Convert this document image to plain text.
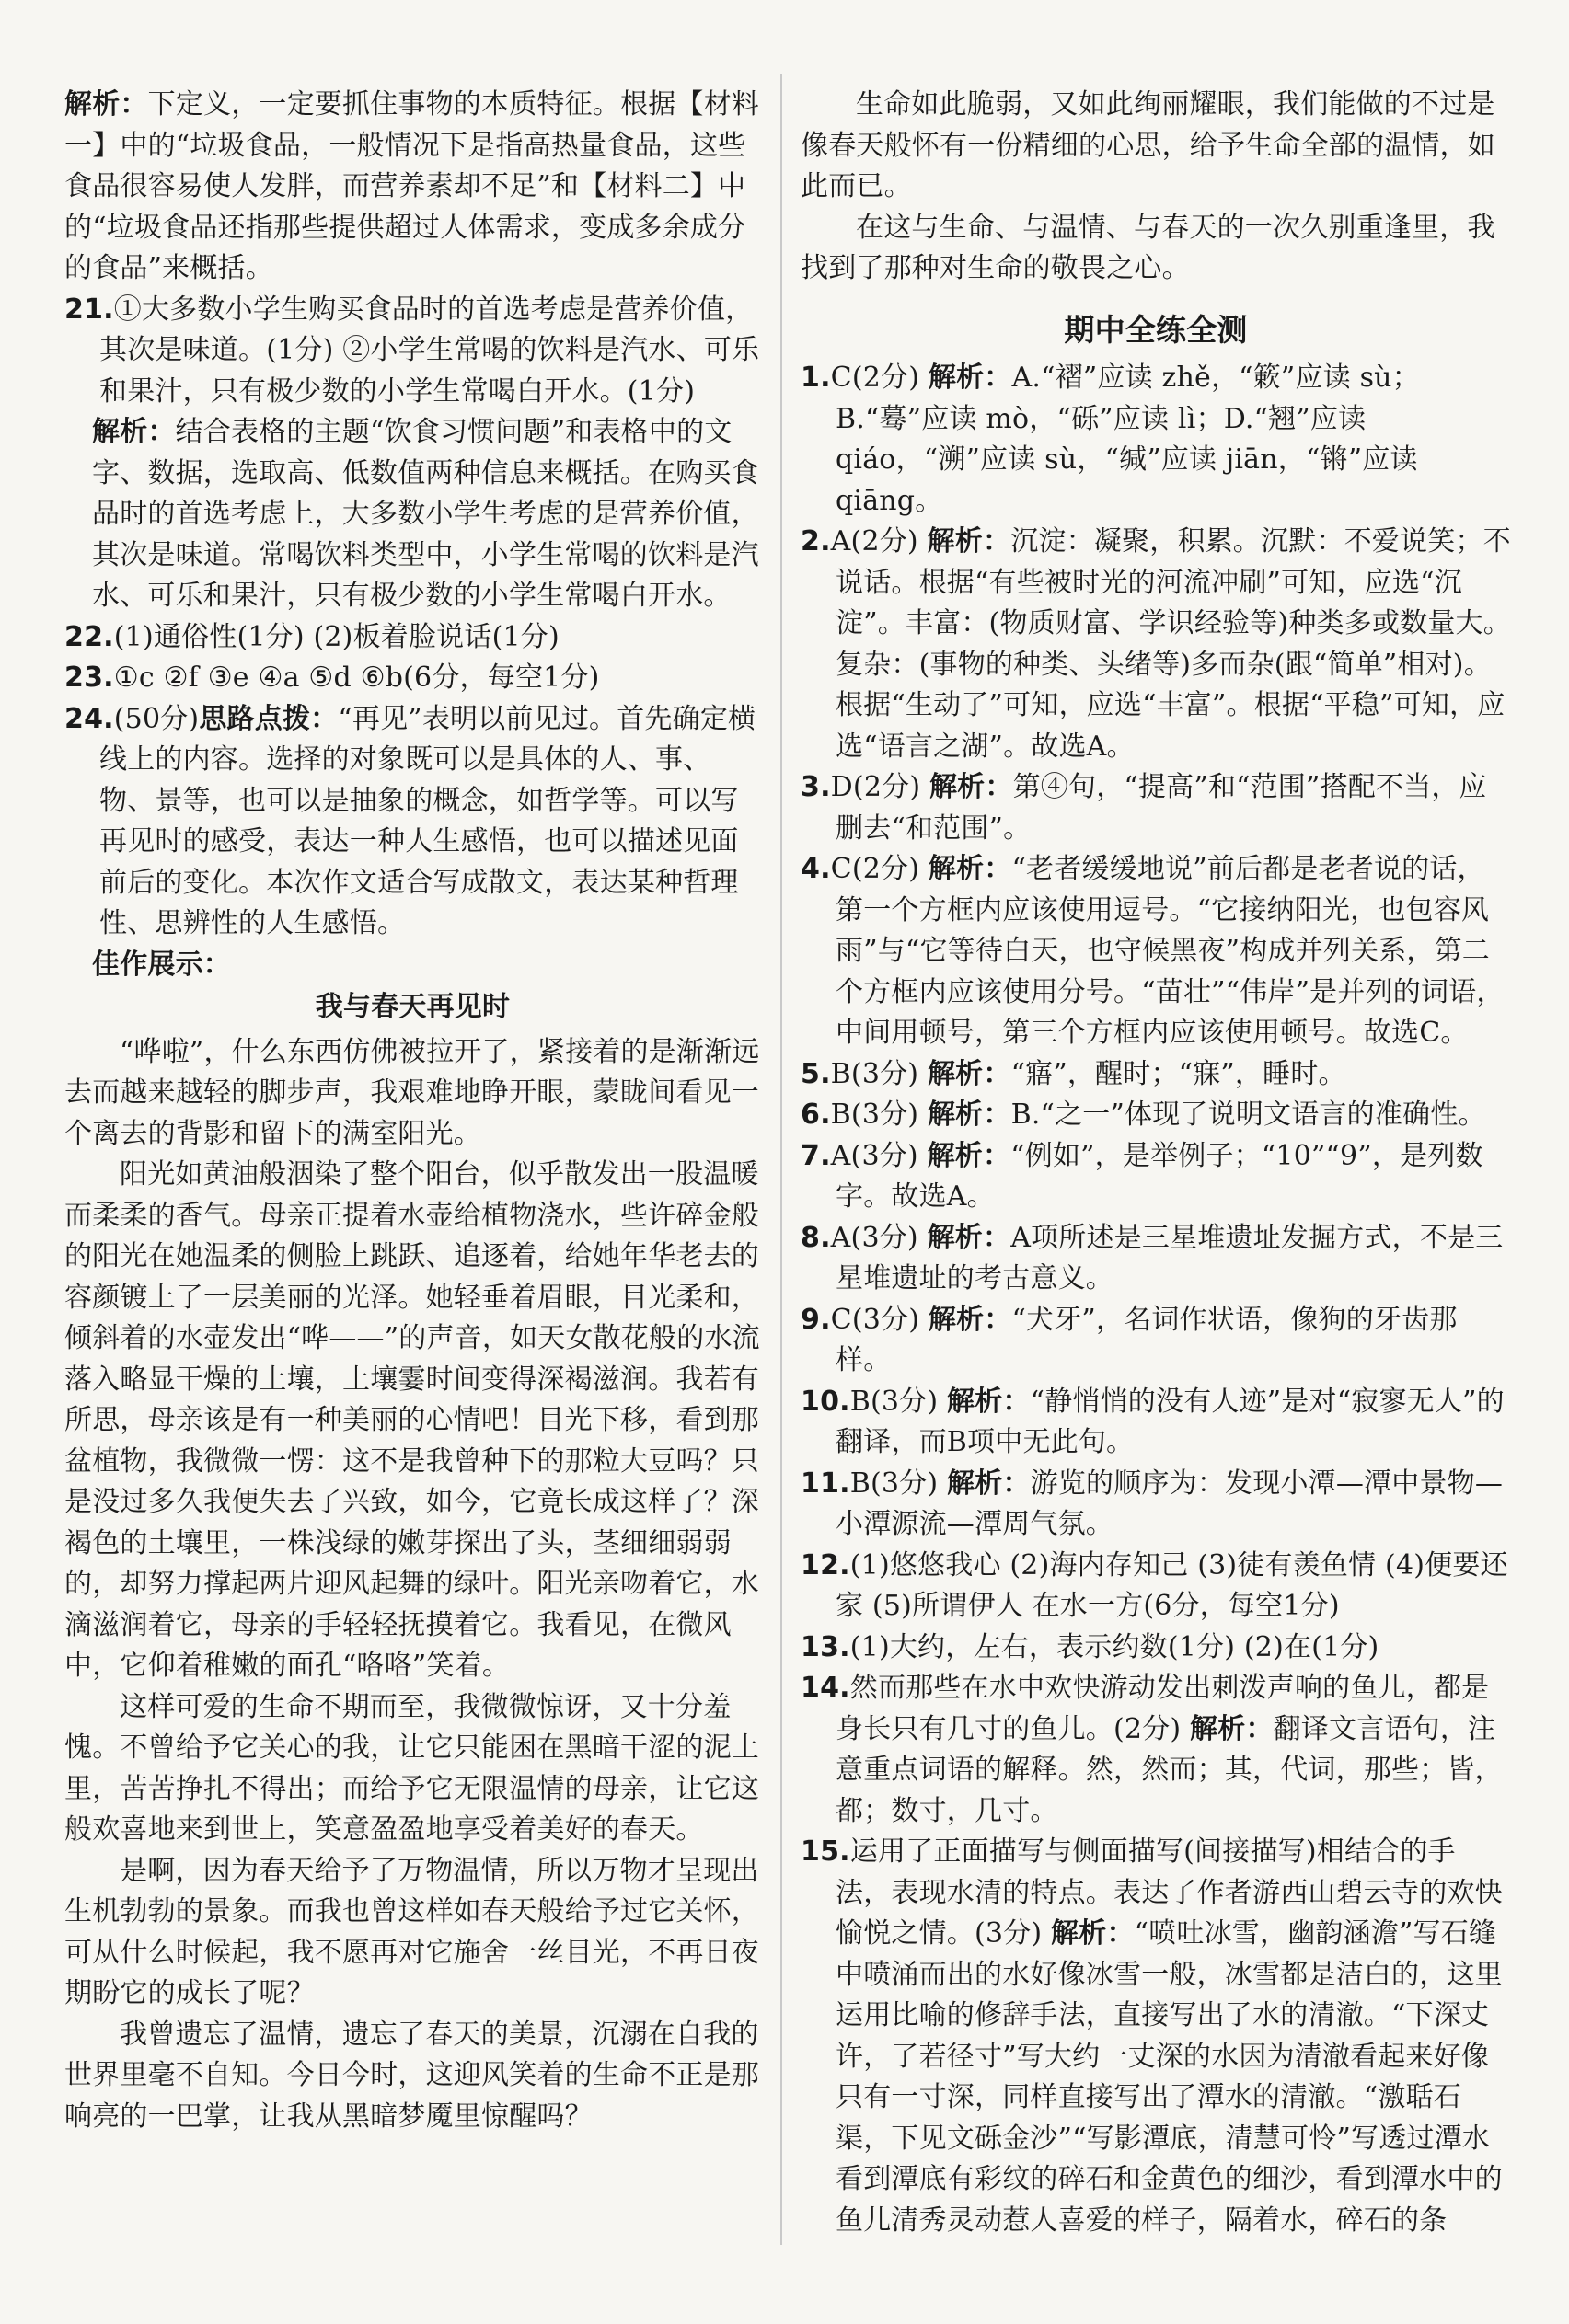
解析：下定义，一定要抓住事物的本质特征。根据【材料一】中的“垃圾食品，一般情况下是指高热量食品，这些食品很容易使人发胖，而营养素却不足”和【材料二】中的“垃圾食品还指那些提供超过人体需求，变成多余成分的食品”来概括。

21.①大多数小学生购买食品时的首选考虑是营养价值，其次是味道。(1分) ②小学生常喝的饮料是汽水、可乐和果汁，只有极少数的小学生常喝白开水。(1分)

解析：结合表格的主题“饮食习惯问题”和表格中的文字、数据，选取高、低数值两种信息来概括。在购买食品时的首选考虑上，大多数小学生考虑的是营养价值，其次是味道。常喝饮料类型中，小学生常喝的饮料是汽水、可乐和果汁，只有极少数的小学生常喝白开水。

22.(1)通俗性(1分) (2)板着脸说话(1分)

23.①c ②f ③e ④a ⑤d ⑥b(6分，每空1分)

24.(50分)思路点拨：“再见”表明以前见过。首先确定横线上的内容。选择的对象既可以是具体的人、事、物、景等，也可以是抽象的概念，如哲学等。可以写再见时的感受，表达一种人生感悟，也可以描述见面前后的变化。本次作文适合写成散文，表达某种哲理性、思辨性的人生感悟。

佳作展示：

我与春天再见时

“哗啦”，什么东西仿佛被拉开了，紧接着的是渐渐远去而越来越轻的脚步声，我艰难地睁开眼，蒙眬间看见一个离去的背影和留下的满室阳光。

阳光如黄油般洇染了整个阳台，似乎散发出一股温暖而柔柔的香气。母亲正提着水壶给植物浇水，些许碎金般的阳光在她温柔的侧脸上跳跃、追逐着，给她年华老去的容颜镀上了一层美丽的光泽。她轻垂着眉眼，目光柔和，倾斜着的水壶发出“哗——”的声音，如天女散花般的水流落入略显干燥的土壤，土壤霎时间变得深褐滋润。我若有所思，母亲该是有一种美丽的心情吧！目光下移，看到那盆植物，我微微一愣：这不是我曾种下的那粒大豆吗？只是没过多久我便失去了兴致，如今，它竟长成这样了？深褐色的土壤里，一株浅绿的嫩芽探出了头，茎细细弱弱的，却努力撑起两片迎风起舞的绿叶。阳光亲吻着它，水滴滋润着它，母亲的手轻轻抚摸着它。我看见，在微风中，它仰着稚嫩的面孔“咯咯”笑着。

这样可爱的生命不期而至，我微微惊讶，又十分羞愧。不曾给予它关心的我，让它只能困在黑暗干涩的泥土里，苦苦挣扎不得出；而给予它无限温情的母亲，让它这般欢喜地来到世上，笑意盈盈地享受着美好的春天。

是啊，因为春天给予了万物温情，所以万物才呈现出生机勃勃的景象。而我也曾这样如春天般给予过它关怀，可从什么时候起，我不愿再对它施舍一丝目光，不再日夜期盼它的成长了呢？

我曾遗忘了温情，遗忘了春天的美景，沉溺在自我的世界里毫不自知。今日今时，这迎风笑着的生命不正是那响亮的一巴掌，让我从黑暗梦魇里惊醒吗？

生命如此脆弱，又如此绚丽耀眼，我们能做的不过是像春天般怀有一份精细的心思，给予生命全部的温情，如此而已。

在这与生命、与温情、与春天的一次久别重逢里，我找到了那种对生命的敬畏之心。

期中全练全测

1.C(2分) 解析：A.“褶”应读 zhě，“簌”应读 sù；B.“蓦”应读 mò，“砾”应读 lì；D.“翘”应读 qiáo，“溯”应读 sù，“缄”应读 jiān，“锵”应读 qiāng。

2.A(2分) 解析：沉淀：凝聚，积累。沉默：不爱说笑；不说话。根据“有些被时光的河流冲刷”可知，应选“沉淀”。丰富：(物质财富、学识经验等)种类多或数量大。复杂：(事物的种类、头绪等)多而杂(跟“简单”相对)。根据“生动了”可知，应选“丰富”。根据“平稳”可知，应选“语言之湖”。故选A。

3.D(2分) 解析：第④句，“提高”和“范围”搭配不当，应删去“和范围”。

4.C(2分) 解析：“老者缓缓地说”前后都是老者说的话，第一个方框内应该使用逗号。“它接纳阳光，也包容风雨”与“它等待白天，也守候黑夜”构成并列关系，第二个方框内应该使用分号。“苗壮”“伟岸”是并列的词语，中间用顿号，第三个方框内应该使用顿号。故选C。

5.B(3分) 解析：“寤”，醒时；“寐”，睡时。

6.B(3分) 解析：B.“之一”体现了说明文语言的准确性。

7.A(3分) 解析：“例如”，是举例子；“10”“9”，是列数字。故选A。

8.A(3分) 解析：A项所述是三星堆遗址发掘方式，不是三星堆遗址的考古意义。

9.C(3分) 解析：“犬牙”，名词作状语，像狗的牙齿那样。

10.B(3分) 解析：“静悄悄的没有人迹”是对“寂寥无人”的翻译，而B项中无此句。

11.B(3分) 解析：游览的顺序为：发现小潭—潭中景物—小潭源流—潭周气氛。

12.(1)悠悠我心 (2)海内存知己 (3)徒有羡鱼情 (4)便要还家 (5)所谓伊人 在水一方(6分，每空1分)

13.(1)大约，左右，表示约数(1分) (2)在(1分)

14.然而那些在水中欢快游动发出刺泼声响的鱼儿，都是身长只有几寸的鱼儿。(2分) 解析：翻译文言语句，注意重点词语的解释。然，然而；其，代词，那些；皆，都；数寸，几寸。

15.运用了正面描写与侧面描写(间接描写)相结合的手法，表现水清的特点。表达了作者游西山碧云寺的欢快愉悦之情。(3分) 解析：“喷吐冰雪，幽韵涵澹”写石缝中喷涌而出的水好像冰雪一般，冰雪都是洁白的，这里运用比喻的修辞手法，直接写出了水的清澈。“下深丈许，了若径寸”写大约一丈深的水因为清澈看起来好像只有一寸深，同样直接写出了潭水的清澈。“激聒石渠，下见文砾金沙”“写影潭底，清慧可怜”写透过潭水看到潭底有彩纹的碎石和金黄色的细沙，看到潭水中的鱼儿清秀灵动惹人喜爱的样子，隔着水，碎石的条
